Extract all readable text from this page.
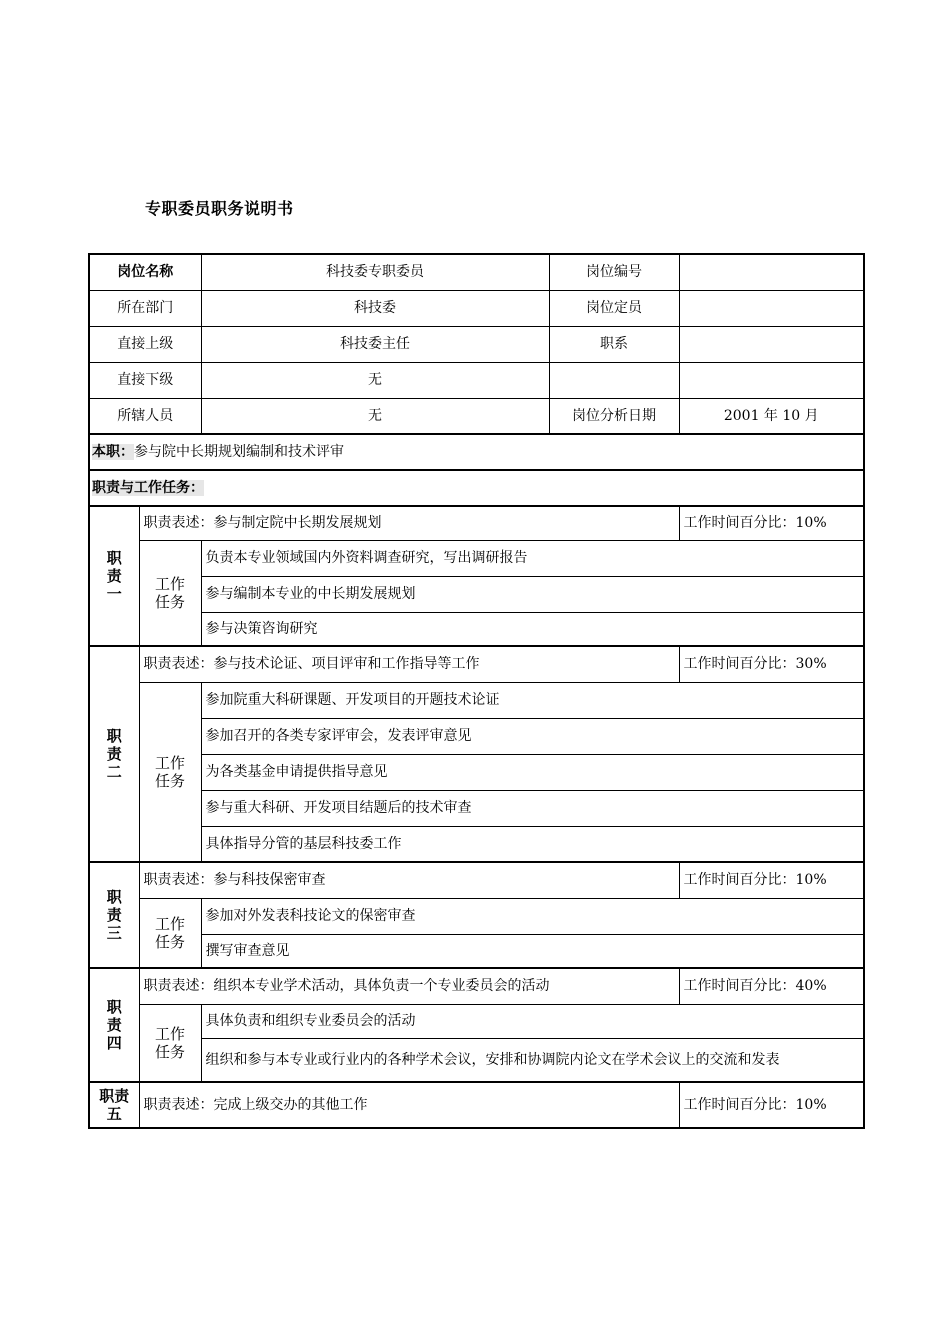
专职委员职务说明书
岗位名称		科技委专职委员	岗位编号	
所在部门		科技委	岗位定员	
直接上级		科技委主任	职系	
直接下级		无		
所辖人员		无	岗位分析日期	2001 年 10 月
本职：参与院中长期规划编制和技术评审				
职责与工作任务：				
职
责
一	职责表述：参与制定院中长期发展规划			工作时间百分比：10%
	工作
任务	负责本专业领域国内外资料调查研究，写出调研报告		
		参与编制本专业的中长期发展规划		
		参与决策咨询研究		
职
责
二	职责表述：参与技术论证、项目评审和工作指导等工作			工作时间百分比：30%
	工作
任务	参加院重大科研课题、开发项目的开题技术论证		
		参加召开的各类专家评审会，发表评审意见		
		为各类基金申请提供指导意见		
		参与重大科研、开发项目结题后的技术审查		
		具体指导分管的基层科技委工作		
职
责
三	职责表述：参与科技保密审查			工作时间百分比：10%
	工作
任务	参加对外发表科技论文的保密审查		
		撰写审查意见		
职
责
四	职责表述：组织本专业学术活动，具体负责一个专业委员会的活动			工作时间百分比：40%
	工作
任务	具体负责和组织专业委员会的活动		
		组织和参与本专业或行业内的各种学术会议，安排和协调院内论文在学术会议上的交流和发表		
职责
五	职责表述：完成上级交办的其他工作			工作时间百分比：10%
